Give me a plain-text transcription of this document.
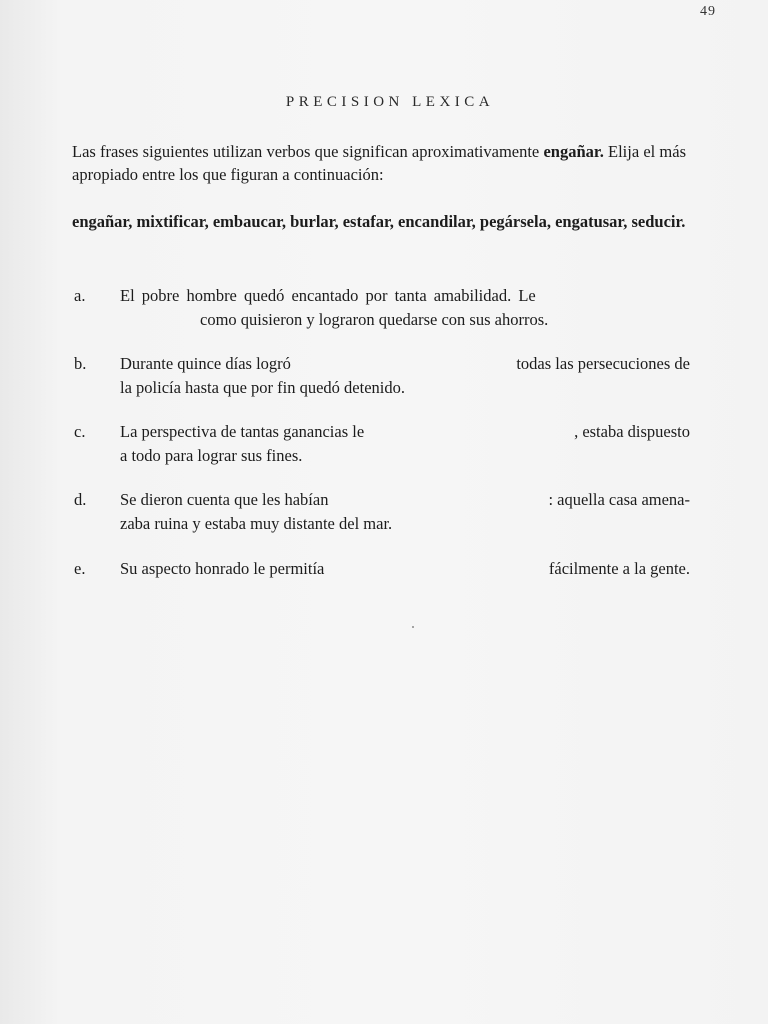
49
PRECISION LEXICA
Las frases siguientes utilizan verbos que significan aproximativamente engañar. Elija el más apropiado entre los que figuran a continuación:
engañar, mixtificar, embaucar, burlar, estafar, encandilar, pegársela, engatusar, seducir.
a.	El pobre hombre quedó encantado por tanta amabilidad. Le
como quisieron y lograron quedarse con sus ahorros.
b.	Durante quince días logró	todas las persecuciones de
la policía hasta que por fin quedó detenido.
c.	La perspectiva de tantas ganancias le	, estaba dispuesto
a todo para lograr sus fines.
d.	Se dieron cuenta que les habían	: aquella casa amena-
zaba ruina y estaba muy distante del mar.
e.	Su aspecto honrado le permitía	fácilmente a la gente.
